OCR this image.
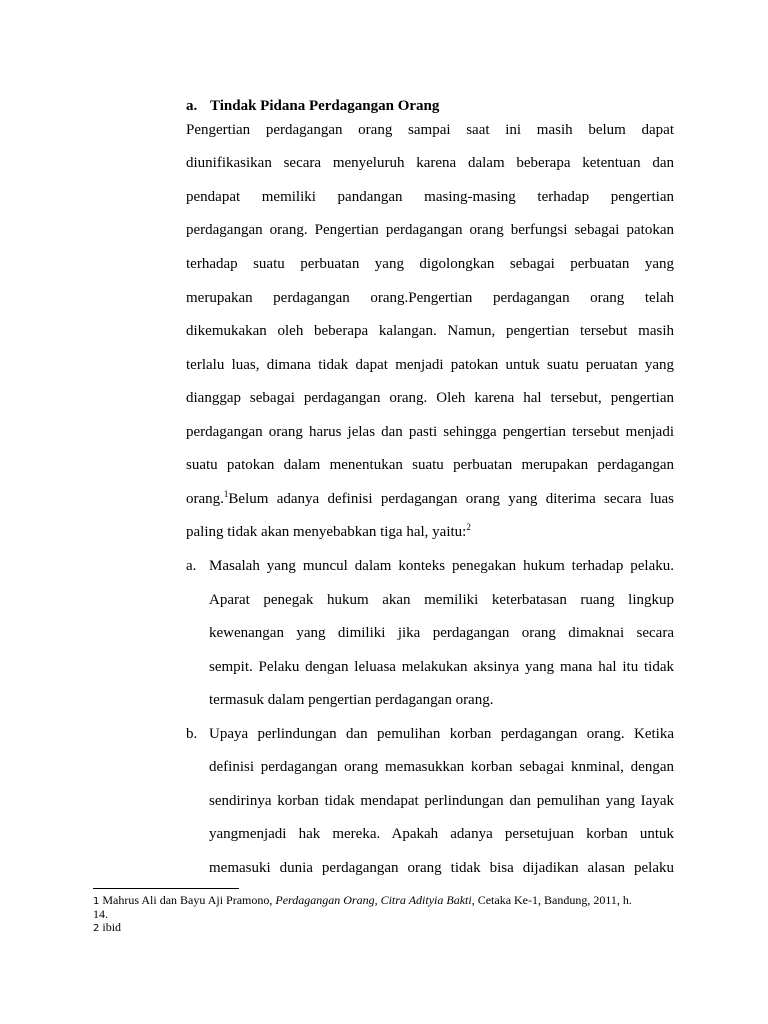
a. Tindak Pidana Perdagangan Orang
Pengertian perdagangan orang sampai saat ini masih belum dapat
diunifikasikan secara menyeluruh karena dalam beberapa ketentuan dan
pendapat memiliki pandangan masing-masing terhadap pengertian
perdagangan orang. Pengertian perdagangan orang berfungsi sebagai patokan
terhadap suatu perbuatan yang digolongkan sebagai perbuatan yang
merupakan perdagangan orang.Pengertian perdagangan orang telah
dikemukakan oleh beberapa kalangan. Namun, pengertian tersebut masih
terlalu luas, dimana tidak dapat menjadi patokan untuk suatu peruatan yang
dianggap sebagai perdagangan orang. Oleh karena hal tersebut, pengertian
perdagangan orang harus jelas dan pasti sehingga pengertian tersebut menjadi
suatu patokan dalam menentukan suatu perbuatan merupakan perdagangan
orang.$^1$Belum adanya definisi perdagangan orang yang diterima secara luas
paling tidak akan menyebabkan tiga hal, yaitu:$^2$
a. Masalah yang muncul dalam konteks penegakan hukum terhadap pelaku.
Aparat penegak hukum akan memiliki keterbatasan ruang lingkup
kewenangan yang dimiliki jika perdagangan orang dimaknai secara
sempit. Pelaku dengan leluasa melakukan aksinya yang mana hal itu tidak
termasuk dalam pengertian perdagangan orang.
b. Upaya perlindungan dan pemulihan korban perdagangan orang. Ketika
definisi perdagangan orang memasukkan korban sebagai knminal, dengan
sendirinya korban tidak mendapat perlindungan dan pemulihan yang Iayak
yangmenjadi hak mereka. Apakah adanya persetujuan korban untuk
memasuki dunia perdagangan orang tidak bisa dijadikan alasan pelaku
1 Mahrus Ali dan Bayu Aji Pramono, Perdagangan Orang, Citra Adityia Bakti, Cetaka Ke-1, Bandung, 2011, h.
14.
2 ibid
